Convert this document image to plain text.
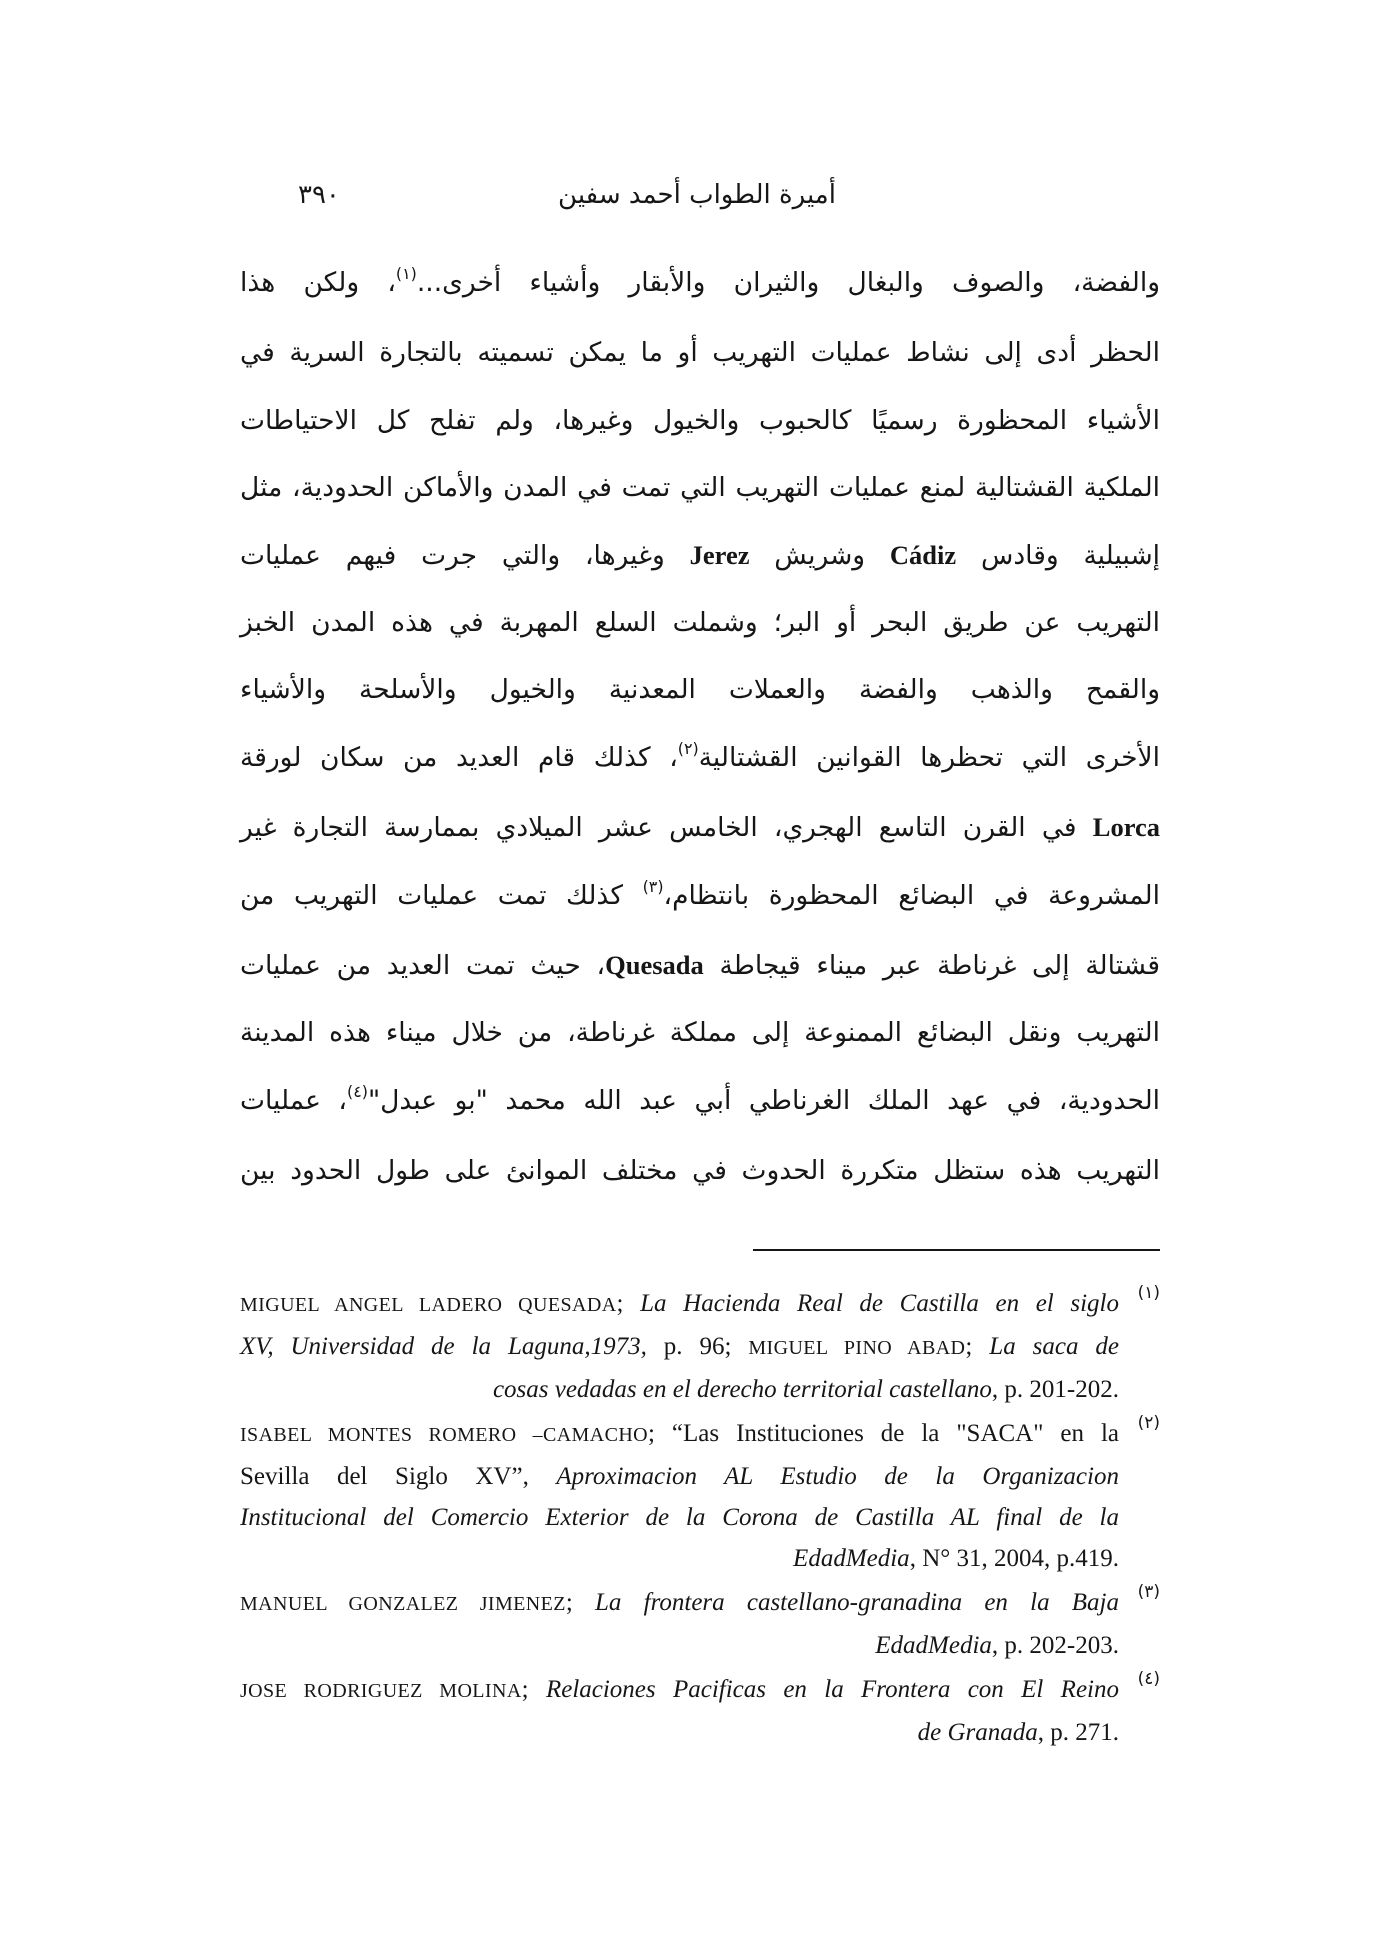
٣٩٠	أميرة الطواب أحمد سفين
والفضة، والصوف والبغال والثيران والأبقار وأشياء أخرى...$^{(١)}$، ولكن هذا
الحظر أدى إلى نشاط عمليات التهريب أو ما يمكن تسميته بالتجارة السرية في
الأشياء المحظورة رسميًا كالحبوب والخيول وغيرها، ولم تفلح كل الاحتياطات
الملكية القشتالية لمنع عمليات التهريب التي تمت في المدن والأماكن الحدودية، مثل
إشبيلية وقادس Cádiz وشريش Jerez وغيرها، والتي جرت فيهم عمليات
التهريب عن طريق البحر أو البر؛ وشملت السلع المهربة في هذه المدن الخبز
والقمح والذهب والفضة والعملات المعدنية والخيول والأسلحة والأشياء
الأخرى التي تحظرها القوانين القشتالية$^{(٢)}$، كذلك قام العديد من سكان لورقة
Lorca في القرن التاسع الهجري، الخامس عشر الميلادي بممارسة التجارة غير
المشروعة في البضائع المحظورة بانتظام،$^{(٣)}$ كذلك تمت عمليات التهريب من
قشتالة إلى غرناطة عبر ميناء قيجاطة Quesada، حيث تمت العديد من عمليات
التهريب ونقل البضائع الممنوعة إلى مملكة غرناطة، من خلال ميناء هذه المدينة
الحدودية، في عهد الملك الغرناطي أبي عبد الله محمد "بو عبدل"$^{(٤)}$، عمليات
التهريب هذه ستظل متكررة الحدوث في مختلف الموانئ على طول الحدود بين
(١)
MIGUEL ANGEL LADERO QUESADA; La Hacienda Real de Castilla en el siglo
XV, Universidad de la Laguna,1973, p. 96; MIGUEL PINO ABAD; La saca de
cosas vedadas en el derecho territorial castellano, p. 201-202.
(٢)
ISABEL MONTES ROMERO –CAMACHO; “Las Instituciones de la "SACA" en la
Sevilla del Siglo XV”, Aproximacion AL Estudio de la Organizacion
Institucional del Comercio Exterior de la Corona de Castilla AL final de la
EdadMedia, N° 31, 2004, p.419.
(٣)
MANUEL GONZALEZ JIMENEZ; La frontera castellano-granadina en la Baja
EdadMedia, p. 202-203.
(٤)
JOSE RODRIGUEZ MOLINA; Relaciones Pacificas en la Frontera con El Reino
de Granada, p. 271.
